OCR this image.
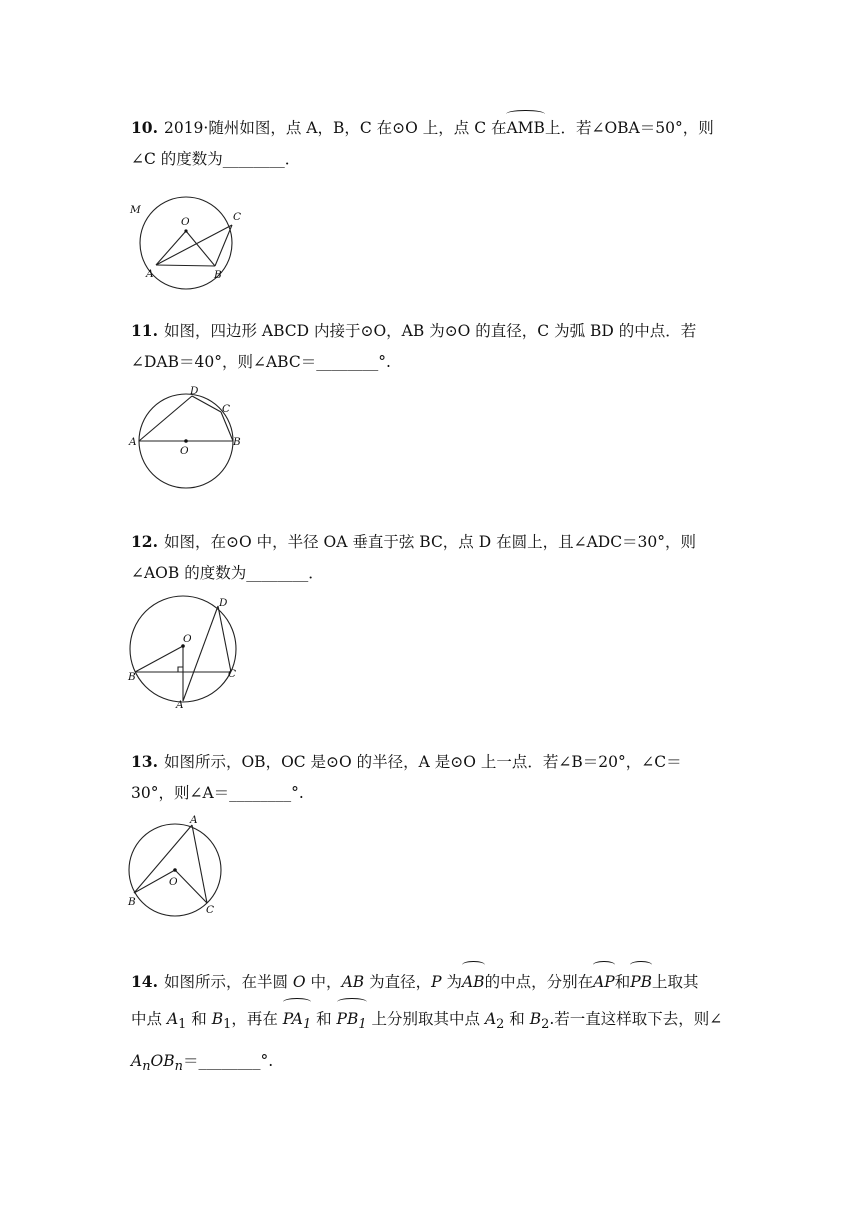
10. 2019·随州如图，点 A，B，C 在⊙O 上，点 C 在AMB上．若∠OBA＝50°，则
∠C 的度数为________．
M
O	C
A	B
11. 如图，四边形 ABCD 内接于⊙O，AB 为⊙O 的直径，C 为弧 BD 的中点．若
∠DAB＝40°，则∠ABC＝________°.
D
C
A
O
B
12. 如图，在⊙O 中，半径 OA 垂直于弦 BC，点 D 在圆上，且∠ADC＝30°，则
∠AOB 的度数为________．
D
O
B	C
A
13. 如图所示，OB，OC 是⊙O 的半径，A 是⊙O 上一点．若∠B＝20°，∠C＝
30°，则∠A＝________°.
A
O
B
C
14. 如图所示，在半圆 O 中，AB 为直径，P 为AB的中点，分别在AP和PB上取其
中点 $A_1$ 和 $B_1$，再在 $PA_1$ 和 $PB_1$ 上分别取其中点 $A_2$ 和 $B_2$.若一直这样取下去，则∠
$A_nOB_n=\_\_\_\_\_\_\_\_^\circ$.
